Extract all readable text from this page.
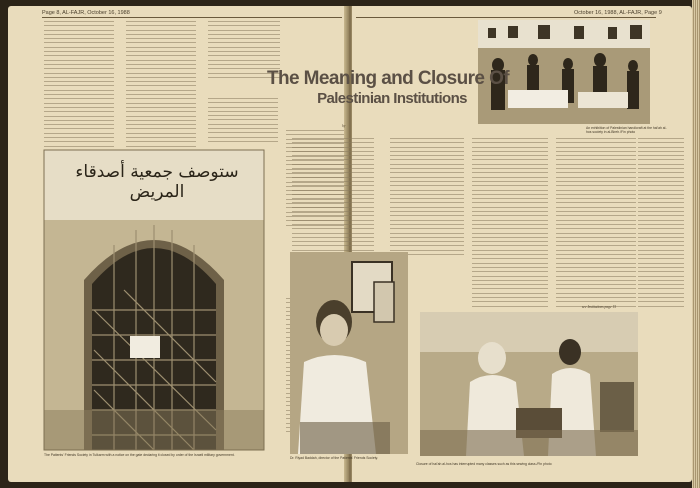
Page 8, AL-FAJR, October 16, 1988
ستوصف جمعية أصدقاء المريض
The Patients' Friends Society in Tulkarm with a notice on the gate declaring it closed by order of the Israeli military government.
October 16, 1988, AL-FAJR, Page 9
An exhibition of Palestinian handicraft at the hai'ah al-hos society in al-Bireh./Fin photo
The Meaning and Closure Of
Palestinian Institutions
by
see Institutions page 15
Closure of hai'ah al-hos has interrupted many classes such as this sewing class./Fin photo
Dr. Riyad Baddah, director of the Patients' Friends Society.
